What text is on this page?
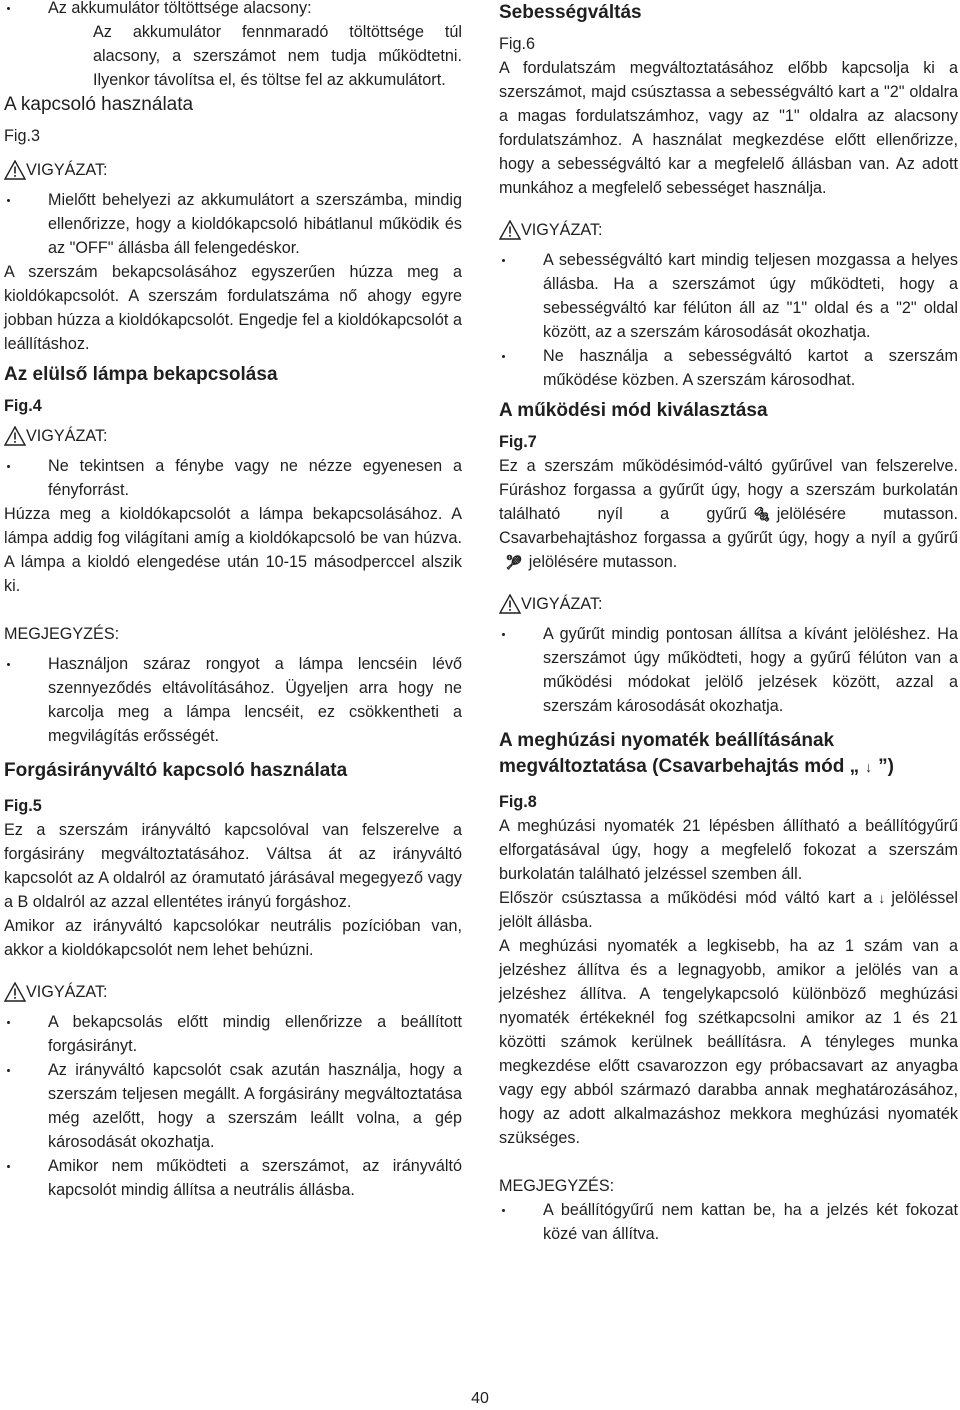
Az akkumulátor töltöttsége alacsony:
Az akkumulátor fennmaradó töltöttsége túl alacsony, a szerszámot nem tudja működtetni. Ilyenkor távolítsa el, és töltse fel az akkumulátort.
A kapcsoló használata
Fig.3
VIGYÁZAT:
Mielőtt behelyezi az akkumulátort a szerszámba, mindig ellenőrizze, hogy a kioldókapcsoló hibátlanul működik és az "OFF" állásba áll felengedéskor.

A szerszám bekapcsolásához egyszerűen húzza meg a kioldókapcsolót. A szerszám fordulatszáma nő ahogy egyre jobban húzza a kioldókapcsolót. Engedje fel a kioldókapcsolót a leállításhoz.

Az elülső lámpa bekapcsolása
Fig.4
VIGYÁZAT:
Ne tekintsen a fénybe vagy ne nézze egyenesen a fényforrást.

Húzza meg a kioldókapcsolót a lámpa bekapcsolásához. A lámpa addig fog világítani amíg a kioldókapcsoló be van húzva. A lámpa a kioldó elengedése után 10-15 másodperccel alszik ki.

MEGJEGYZÉS:
Használjon száraz rongyot a lámpa lencséin lévő szennyeződés eltávolításához. Ügyeljen arra hogy ne karcolja meg a lámpa lencséit, ez csökkentheti a megvilágítás erősségét.
Forgásirányváltó kapcsoló használata
Fig.5

Ez a szerszám irányváltó kapcsolóval van felszerelve a forgásirány megváltoztatásához. Váltsa át az irányváltó kapcsolót az A oldalról az óramutató járásával megegyező vagy a B oldalról az azzal ellentétes irányú forgáshoz.

Amikor az irányváltó kapcsolókar neutrális pozícióban van, akkor a kioldókapcsolót nem lehet behúzni.

VIGYÁZAT:
A bekapcsolás előtt mindig ellenőrizze a beállított forgásirányt.
Az irányváltó kapcsolót csak azután használja, hogy a szerszám teljesen megállt. A forgásirány megváltoztatása még azelőtt, hogy a szerszám leállt volna, a gép károsodását okozhatja.
Amikor nem működteti a szerszámot, az irányváltó kapcsolót mindig állítsa a neutrális állásba.
Sebességváltás
Fig.6

A fordulatszám megváltoztatásához előbb kapcsolja ki a szerszámot, majd csúsztassa a sebességváltó kart a "2" oldalra a magas fordulatszámhoz, vagy az "1" oldalra az alacsony fordulatszámhoz. A használat megkezdése előtt ellenőrizze, hogy a sebességváltó kar a megfelelő állásban van. Az adott munkához a megfelelő sebességet használja.

VIGYÁZAT:
A sebességváltó kart mindig teljesen mozgassa a helyes állásba. Ha a szerszámot úgy működteti, hogy a sebességváltó kar félúton áll az "1" oldal és a "2" oldal között, az a szerszám károsodását okozhatja.
Ne használja a sebességváltó kartot a szerszám működése közben. A szerszám károsodhat.
A működési mód kiválasztása
Fig.7

Ez a szerszám működésimód-váltó gyűrűvel van felszerelve. Fúráshoz forgassa a gyűrűt úgy, hogy a szerszám burkolatán található nyíl a gyűrű 🔩︎ jelölésére mutasson. Csavarbehajtáshoz forgassa a gyűrűt úgy, hogy a nyíl a gyűrű🎾︎ jelölésére mutasson.

VIGYÁZAT:
A gyűrűt mindig pontosan állítsa a kívánt jelöléshez. Ha szerszámot úgy működteti, hogy a gyűrű félúton van a működési módokat jelölő jelzések között, azzal a szerszám károsodását okozhatja.
A meghúzási nyomaték beállításának
megváltoztatása (Csavarbehajtás mód „ ↓ ”)
Fig.8

A meghúzási nyomaték 21 lépésben állítható a beállítógyűrű elforgatásával úgy, hogy a megfelelő fokozat a szerszám burkolatán található jelzéssel szemben áll.

Először csúsztassa a működési mód váltó kart a ↓ jelöléssel jelölt állásba.

A meghúzási nyomaték a legkisebb, ha az 1 szám van a jelzéshez állítva és a legnagyobb, amikor a jelölés van a jelzéshez állítva. A tengelykapcsoló különböző meghúzási nyomaték értékeknél fog szétkapcsolni amikor az 1 és 21 közötti számok kerülnek beállításra. A tényleges munka megkezdése előtt csavarozzon egy próbacsavart az anyagba vagy egy abból származó darabba annak meghatározásához, hogy az adott alkalmazáshoz mekkora meghúzási nyomaték szükséges.

MEGJEGYZÉS:
A beállítógyűrű nem kattan be, ha a jelzés két fokozat közé van állítva.
40
